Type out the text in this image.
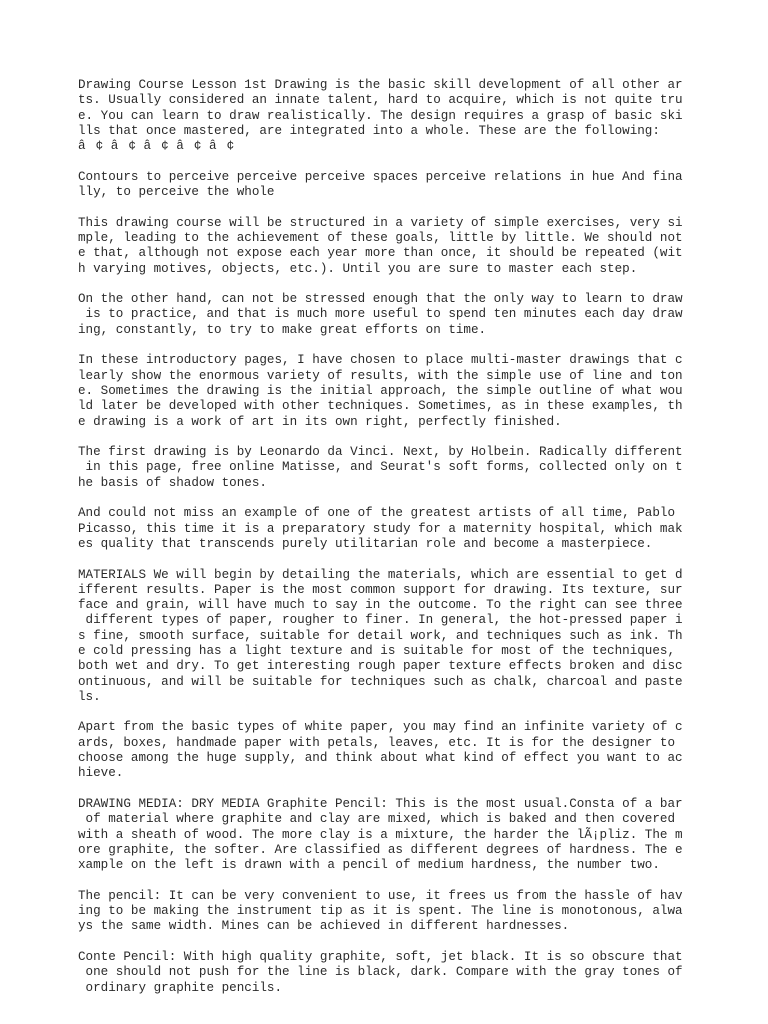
Drawing Course Lesson 1st Drawing is the basic skill development of all other ar
ts. Usually considered an innate talent, hard to acquire, which is not quite tru
e. You can learn to draw realistically. The design requires a grasp of basic ski
lls that once mastered, are integrated into a whole. These are the following:
â¢ â¢ â¢ â¢ â¢
Contours to perceive perceive perceive spaces perceive relations in hue And fina
lly, to perceive the whole
This drawing course will be structured in a variety of simple exercises, very si
mple, leading to the achievement of these goals, little by little. We should not
e that, although not expose each year more than once, it should be repeated (wit
h varying motives, objects, etc.). Until you are sure to master each step.
On the other hand, can not be stressed enough that the only way to learn to draw
is to practice, and that is much more useful to spend ten minutes each day draw
ing, constantly, to try to make great efforts on time.
In these introductory pages, I have chosen to place multi-master drawings that c
learly show the enormous variety of results, with the simple use of line and ton
e. Sometimes the drawing is the initial approach, the simple outline of what wou
ld later be developed with other techniques. Sometimes, as in these examples, th
e drawing is a work of art in its own right, perfectly finished.
The first drawing is by Leonardo da Vinci. Next, by Holbein. Radically different
in this page, free online Matisse, and Seurat's soft forms, collected only on t
he basis of shadow tones.
And could not miss an example of one of the greatest artists of all time, Pablo
Picasso, this time it is a preparatory study for a maternity hospital, which mak
es quality that transcends purely utilitarian role and become a masterpiece.
MATERIALS We will begin by detailing the materials, which are essential to get d
ifferent results. Paper is the most common support for drawing. Its texture, sur
face and grain, will have much to say in the outcome. To the right can see three
different types of paper, rougher to finer. In general, the hot-pressed paper i
s fine, smooth surface, suitable for detail work, and techniques such as ink. Th
e cold pressing has a light texture and is suitable for most of the techniques,
both wet and dry. To get interesting rough paper texture effects broken and disc
ontinuous, and will be suitable for techniques such as chalk, charcoal and paste
ls.
Apart from the basic types of white paper, you may find an infinite variety of c
ards, boxes, handmade paper with petals, leaves, etc. It is for the designer to
choose among the huge supply, and think about what kind of effect you want to ac
hieve.
DRAWING MEDIA: DRY MEDIA Graphite Pencil: This is the most usual.Consta of a bar
of material where graphite and clay are mixed, which is baked and then covered
with a sheath of wood. The more clay is a mixture, the harder the lÃ¡pliz. The m
ore graphite, the softer. Are classified as different degrees of hardness. The e
xample on the left is drawn with a pencil of medium hardness, the number two.
The pencil: It can be very convenient to use, it frees us from the hassle of hav
ing to be making the instrument tip as it is spent. The line is monotonous, alwa
ys the same width. Mines can be achieved in different hardnesses.
Conte Pencil: With high quality graphite, soft, jet black. It is so obscure that
one should not push for the line is black, dark. Compare with the gray tones of
ordinary graphite pencils.
